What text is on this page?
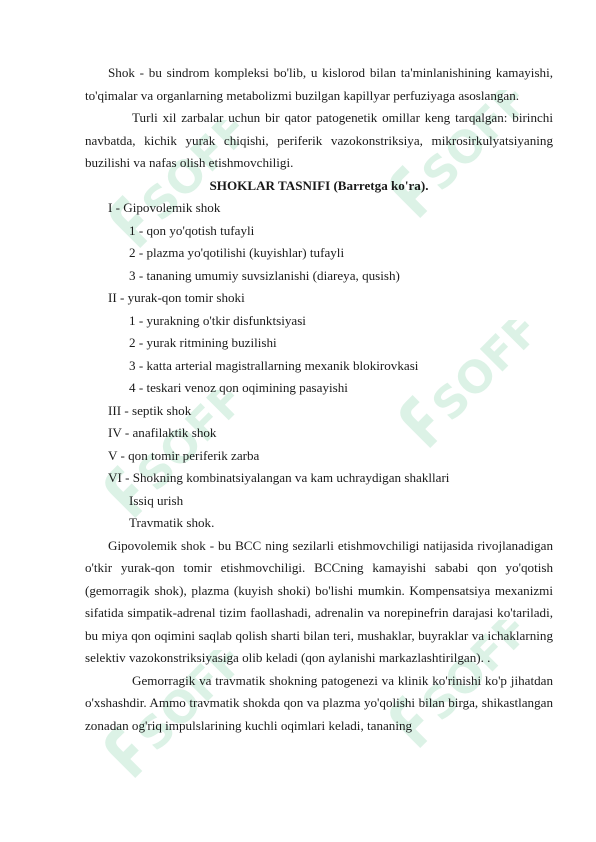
SOFF	SOFF
SOFF
SOFF
SOFF
SOFF

Shok - bu sindrom kompleksi bo'lib, u kislorod bilan ta'minlanishining kamayishi, to'qimalar va organlarning metabolizmi buzilgan kapillyar perfuziyaga asoslangan.

Turli xil zarbalar uchun bir qator patogenetik omillar keng tarqalgan: birinchi navbatda, kichik yurak chiqishi, periferik vazokonstriksiya, mikrosirkulyatsiyaning buzilishi va nafas olish etishmovchiligi.

SHOKLAR TASNIFI (Barretga ko'ra).

I - Gipovolemik shok

1 - qon yo'qotish tufayli

2 - plazma yo'qotilishi (kuyishlar) tufayli

3 - tananing umumiy suvsizlanishi (diareya, qusish)

II - yurak-qon tomir shoki

1 - yurakning o'tkir disfunktsiyasi

2 - yurak ritmining buzilishi

3 - katta arterial magistrallarning mexanik blokirovkasi

4 - teskari venoz qon oqimining pasayishi

III - septik shok

IV - anafilaktik shok

V - qon tomir periferik zarba

VI - Shokning kombinatsiyalangan va kam uchraydigan shakllari

Issiq urish

Travmatik shok.

Gipovolemik shok - bu BCC ning sezilarli etishmovchiligi natijasida rivojlanadigan o'tkir yurak-qon tomir etishmovchiligi. BCCning kamayishi sababi qon yo'qotish (gemorragik shok), plazma (kuyish shoki) bo'lishi mumkin. Kompensatsiya mexanizmi sifatida simpatik-adrenal tizim faollashadi, adrenalin va norepinefrin darajasi ko'tariladi, bu miya qon oqimini saqlab qolish sharti bilan teri, mushaklar, buyraklar va ichaklarning selektiv vazokonstriksiyasiga olib keladi (qon aylanishi markazlashtirilgan). .

Gemorragik va travmatik shokning patogenezi va klinik ko'rinishi ko'p jihatdan o'xshashdir. Ammo travmatik shokda qon va plazma yo'qolishi bilan birga, shikastlangan zonadan og'riq impulslarining kuchli oqimlari keladi, tananing
